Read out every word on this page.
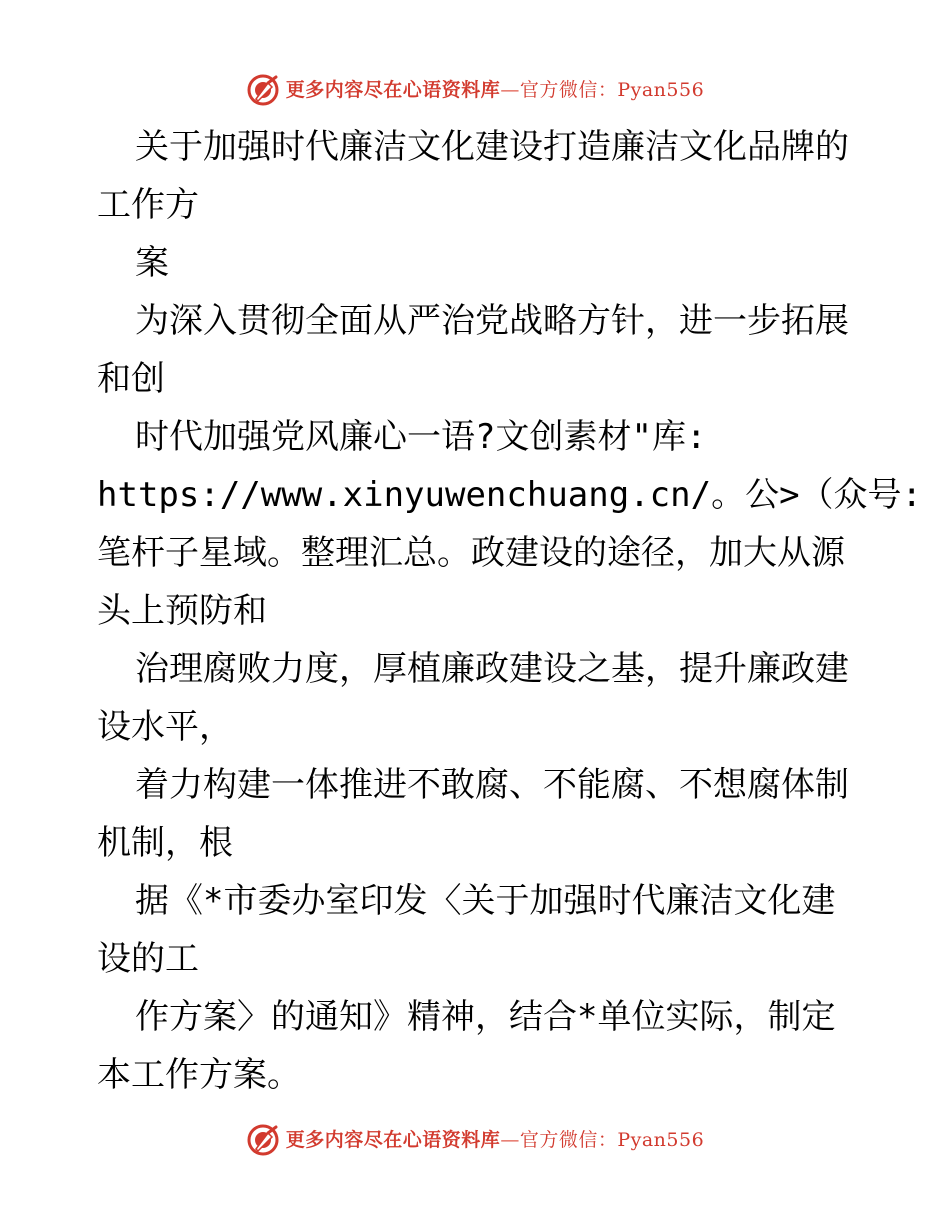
更多内容尽在心语资料库—官方微信：Pyan556
关于加强时代廉洁文化建设打造廉洁文化品牌的
工作方
案
为深入贯彻全面从严治党战略方针，进一步拓展
和创
时代加强党风廉心一语?文创素材"库:
https://www.xinyuwenchuang.cn/。公>（众号:
笔杆子星域。整理汇总。政建设的途径，加大从源
头上预防和
治理腐败力度，厚植廉政建设之基，提升廉政建
设水平，
着力构建一体推进不敢腐、不能腐、不想腐体制
机制，根
据《*市委办室印发〈关于加强时代廉洁文化建
设的工
作方案〉的通知》精神，结合*单位实际，制定
本工作方案。
更多内容尽在心语资料库—官方微信：Pyan556
